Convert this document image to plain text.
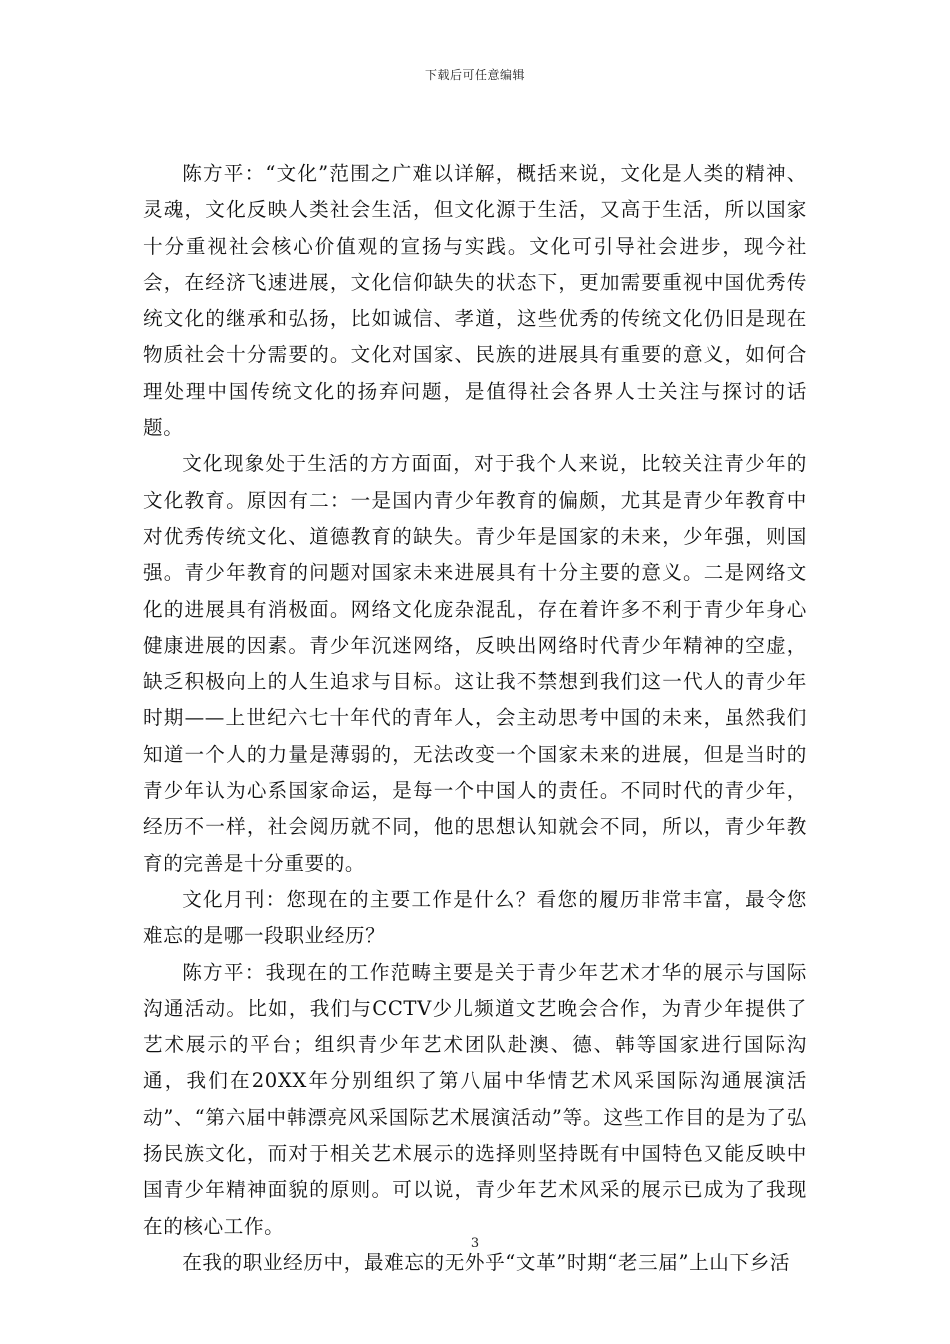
下载后可任意编辑

陈方平：“文化”范围之广难以详解，概括来说，文化是人类的精神、灵魂，文化反映人类社会生活，但文化源于生活，又高于生活，所以国家十分重视社会核心价值观的宣扬与实践。文化可引导社会进步，现今社会，在经济飞速进展，文化信仰缺失的状态下，更加需要重视中国优秀传统文化的继承和弘扬，比如诚信、孝道，这些优秀的传统文化仍旧是现在物质社会十分需要的。文化对国家、民族的进展具有重要的意义，如何合理处理中国传统文化的扬弃问题，是值得社会各界人士关注与探讨的话题。

文化现象处于生活的方方面面，对于我个人来说，比较关注青少年的文化教育。原因有二：一是国内青少年教育的偏颇，尤其是青少年教育中对优秀传统文化、道德教育的缺失。青少年是国家的未来，少年强，则国强。青少年教育的问题对国家未来进展具有十分主要的意义。二是网络文化的进展具有消极面。网络文化庞杂混乱，存在着许多不利于青少年身心健康进展的因素。青少年沉迷网络，反映出网络时代青少年精神的空虚，缺乏积极向上的人生追求与目标。这让我不禁想到我们这一代人的青少年时期——上世纪六七十年代的青年人，会主动思考中国的未来，虽然我们知道一个人的力量是薄弱的，无法改变一个国家未来的进展，但是当时的青少年认为心系国家命运，是每一个中国人的责任。不同时代的青少年，经历不一样，社会阅历就不同，他的思想认知就会不同，所以，青少年教育的完善是十分重要的。

文化月刊：您现在的主要工作是什么？看您的履历非常丰富，最令您难忘的是哪一段职业经历？

陈方平：我现在的工作范畴主要是关于青少年艺术才华的展示与国际沟通活动。比如，我们与CCTV少儿频道文艺晚会合作，为青少年提供了艺术展示的平台；组织青少年艺术团队赴澳、德、韩等国家进行国际沟通，我们在20XX年分别组织了第八届中华情艺术风采国际沟通展演活动”、“第六届中韩漂亮风采国际艺术展演活动”等。这些工作目的是为了弘扬民族文化，而对于相关艺术展示的选择则坚持既有中国特色又能反映中国青少年精神面貌的原则。可以说，青少年艺术风采的展示已成为了我现在的核心工作。

在我的职业经历中，最难忘的无外乎“文革”时期“老三届”上山下乡活

3
